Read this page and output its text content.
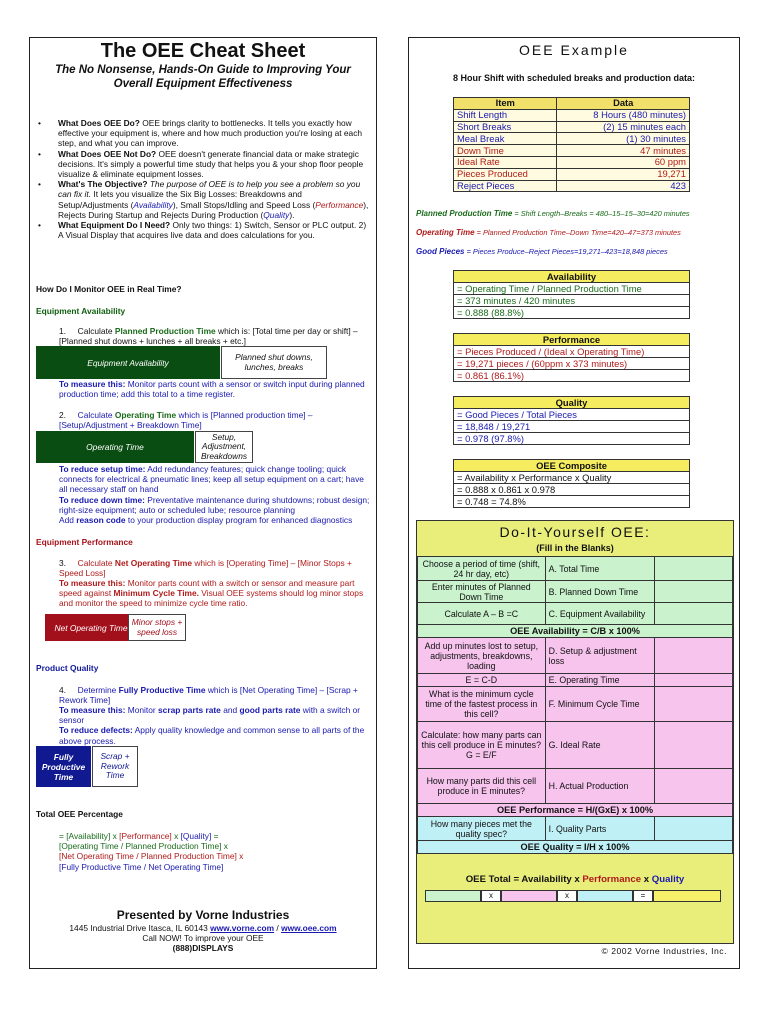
The OEE Cheat Sheet
The No Nonsense, Hands-On Guide to Improving Your
Overall Equipment Effectiveness
• What Does OEE Do? OEE brings clarity to bottlenecks. It tells you exactly how effective your equipment is, where and how much production you're losing at each step, and what you can improve.
• What Does OEE Not Do? OEE doesn't generate financial data or make strategic decisions. It's simply a powerful time study that helps you & your shop floor people visualize & eliminate equipment losses.
• What's The Objective? The purpose of OEE is to help you see a problem so you can fix it. It lets you visualize the Six Big Losses: Breakdowns and Setup/Adjustments (Availability), Small Stops/Idling and Speed Loss (Performance), Rejects During Startup and Rejects During Production (Quality).
• What Equipment Do I Need? Only two things: 1) Switch, Sensor or PLC output. 2) A Visual Display that acquires live data and does calculations for you.
How Do I Monitor OEE in Real Time?
Equipment Availability
1. Calculate Planned Production Time which is: [Total time per day or shift] – [Planned shut downs + lunches + all breaks + etc.]
Equipment Availability
Planned shut downs, lunches, breaks
To measure this: Monitor parts count with a sensor or switch input during planned production time; add this total to a time register.
2. Calculate Operating Time which is [Planned production time] – [Setup/Adjustment + Breakdown Time]
Operating Time
Setup, Adjustment, Breakdowns
To reduce setup time: Add redundancy features; quick change tooling; quick connects for electrical & pneumatic lines; keep all setup equipment on a cart; have all necessary staff on hand
To reduce down time: Preventative maintenance during shutdowns; robust design; right-size equipment; auto or scheduled lube; resource planning
Add reason code to your production display program for enhanced diagnostics
Equipment Performance
3. Calculate Net Operating Time which is [Operating Time] – [Minor Stops + Speed Loss]
To measure this: Monitor parts count with a switch or sensor and measure part speed against Minimum Cycle Time. Visual OEE systems should log minor stops and monitor the speed to minimize cycle time ratio.
Net Operating Time
Minor stops + speed loss
Product Quality
4. Determine Fully Productive Time which is [Net Operating Time] – [Scrap + Rework Time]
To measure this: Monitor scrap parts rate and good parts rate with a switch or sensor
To reduce defects: Apply quality knowledge and common sense to all parts of the above process.
Fully Productive Time
Scrap + Rework Time
Total OEE Percentage
= [Availability] x [Performance] x [Quality] =
[Operating Time / Planned Production Time] x
[Net Operating Time / Planned Production Time] x
[Fully Productive Time / Net Operating Time]
Presented by Vorne Industries
1445 Industrial Drive Itasca, IL 60143 www.vorne.com / www.oee.com
Call NOW! To improve your OEE
(888)DISPLAYS
OEE Example
8 Hour Shift with scheduled breaks and production data:
Item	Data
Shift Length	8 Hours (480 minutes)
Short Breaks	(2) 15 minutes each
Meal Break	(1) 30 minutes
Down Time	47 minutes
Ideal Rate	60 ppm
Pieces Produced	19,271
Reject Pieces	423
Planned Production Time = Shift Length–Breaks = 480–15–15–30=420 minutes
Operating Time = Planned Production Time–Down Time=420–47=373 minutes
Good Pieces = Pieces Produce–Reject Pieces=19,271–423=18,848 pieces
Availability
= Operating Time / Planned Production Time
= 373 minutes / 420 minutes
= 0.888 (88.8%)
Performance
= Pieces Produced / (Ideal x Operating Time)
= 19,271 pieces / (60ppm x 373 minutes)
= 0.861 (86.1%)
Quality
= Good Pieces / Total Pieces
= 18,848 / 19,271
= 0.978 (97.8%)
OEE Composite
= Availability x Performance x Quality
= 0.888 x 0.861 x 0.978
= 0.748 = 74.8%
Do-It-Yourself OEE:
(Fill in the Blanks)
Choose a period of time (shift, 24 hr day, etc)	A. Total Time	
Enter minutes of Planned Down Time	B. Planned Down Time	
Calculate A – B =C	C. Equipment Availability	
OEE Availability = C/B x 100%		
Add up minutes lost to setup, adjustments, breakdowns, loading	D. Setup & adjustment loss	
E = C-D	E. Operating Time	
What is the minimum cycle time of the fastest process in this cell?	F. Minimum Cycle Time	
Calculate: how many parts can this cell produce in E minutes? G = E/F	G. Ideal Rate	
How many parts did this cell produce in E minutes?	H. Actual Production	
OEE Performance = H/(GxE) x 100%		
How many pieces met the quality spec?	I. Quality Parts	
OEE Quality = I/H x 100%		
OEE Total = Availability x Performance x Quality
x	x	=
© 2002 Vorne Industries, Inc.
